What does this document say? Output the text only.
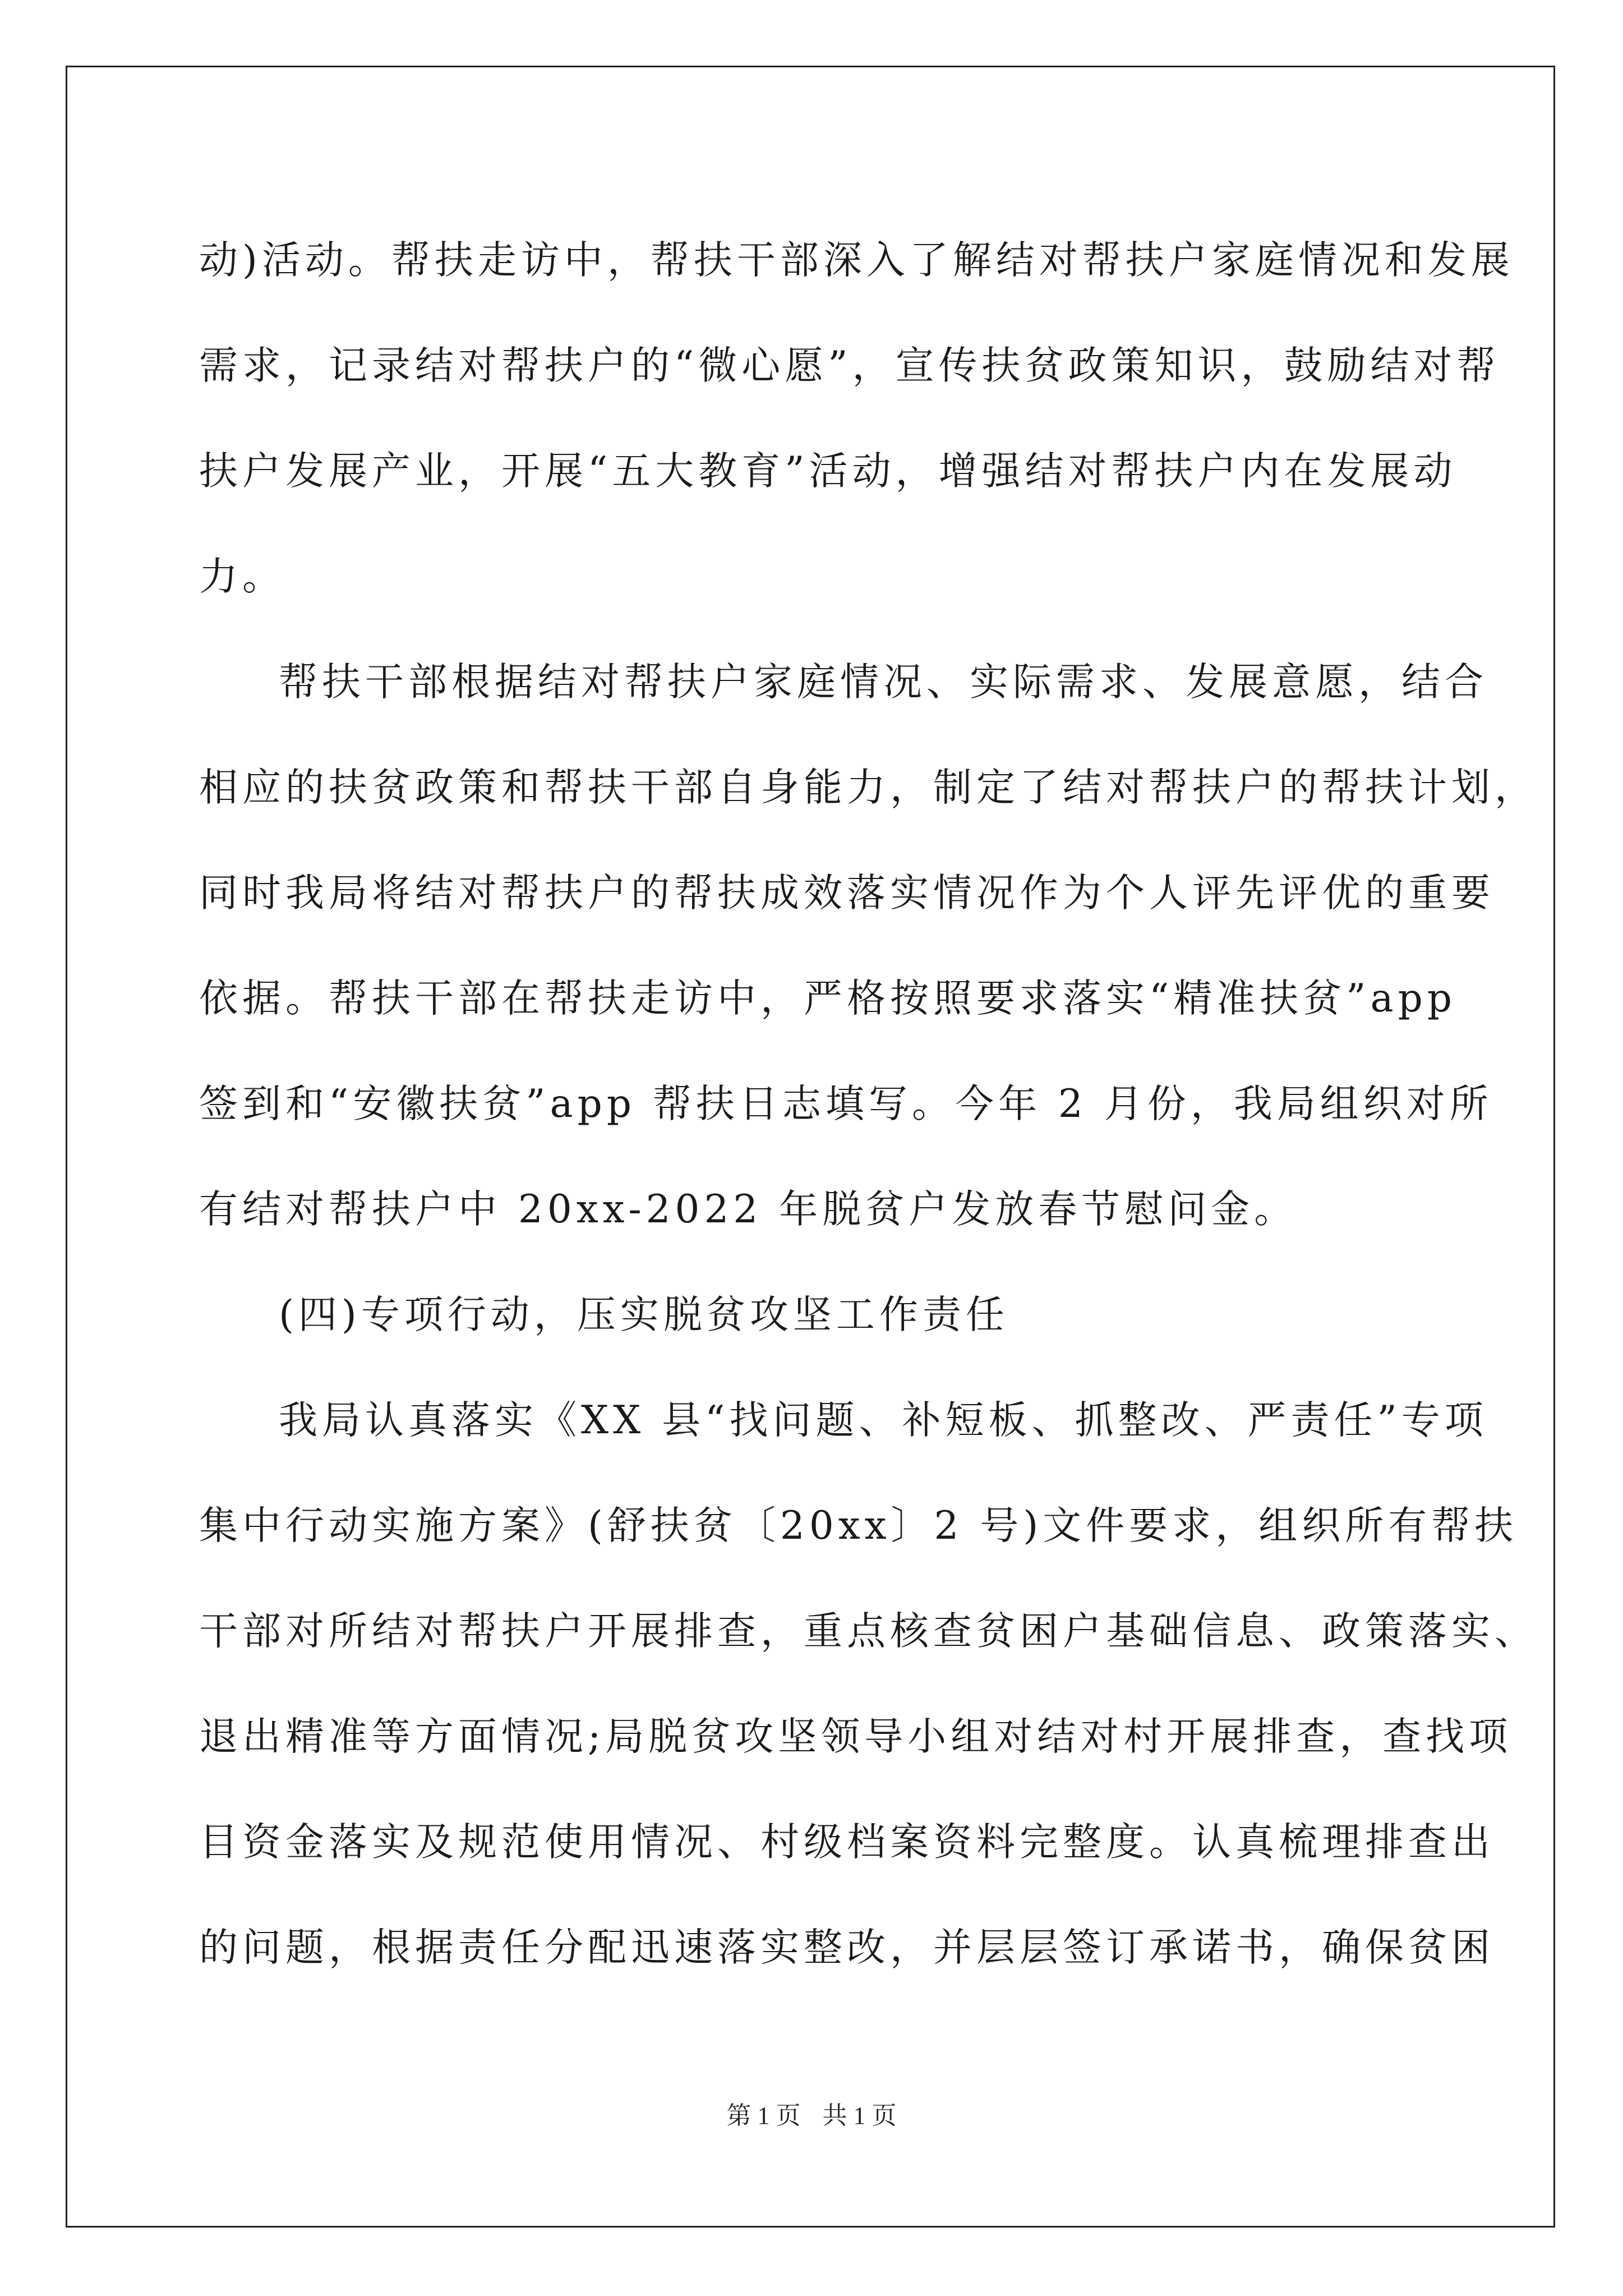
动)活动。帮扶走访中，帮扶干部深入了解结对帮扶户家庭情况和发展
需求，记录结对帮扶户的“微心愿”，宣传扶贫政策知识，鼓励结对帮
扶户发展产业，开展“五大教育”活动，增强结对帮扶户内在发展动
力。
帮扶干部根据结对帮扶户家庭情况、实际需求、发展意愿，结合
相应的扶贫政策和帮扶干部自身能力，制定了结对帮扶户的帮扶计划，
同时我局将结对帮扶户的帮扶成效落实情况作为个人评先评优的重要
依据。帮扶干部在帮扶走访中，严格按照要求落实“精准扶贫”app
签到和“安徽扶贫”app 帮扶日志填写。今年 2 月份，我局组织对所
有结对帮扶户中 20xx-2022 年脱贫户发放春节慰问金。
(四)专项行动，压实脱贫攻坚工作责任
我局认真落实《XX 县“找问题、补短板、抓整改、严责任”专项
集中行动实施方案》(舒扶贫〔20xx〕2 号)文件要求，组织所有帮扶
干部对所结对帮扶户开展排查，重点核查贫困户基础信息、政策落实、
退出精准等方面情况;局脱贫攻坚领导小组对结对村开展排查，查找项
目资金落实及规范使用情况、村级档案资料完整度。认真梳理排查出
的问题，根据责任分配迅速落实整改，并层层签订承诺书，确保贫困
第 1 页 共 1 页
